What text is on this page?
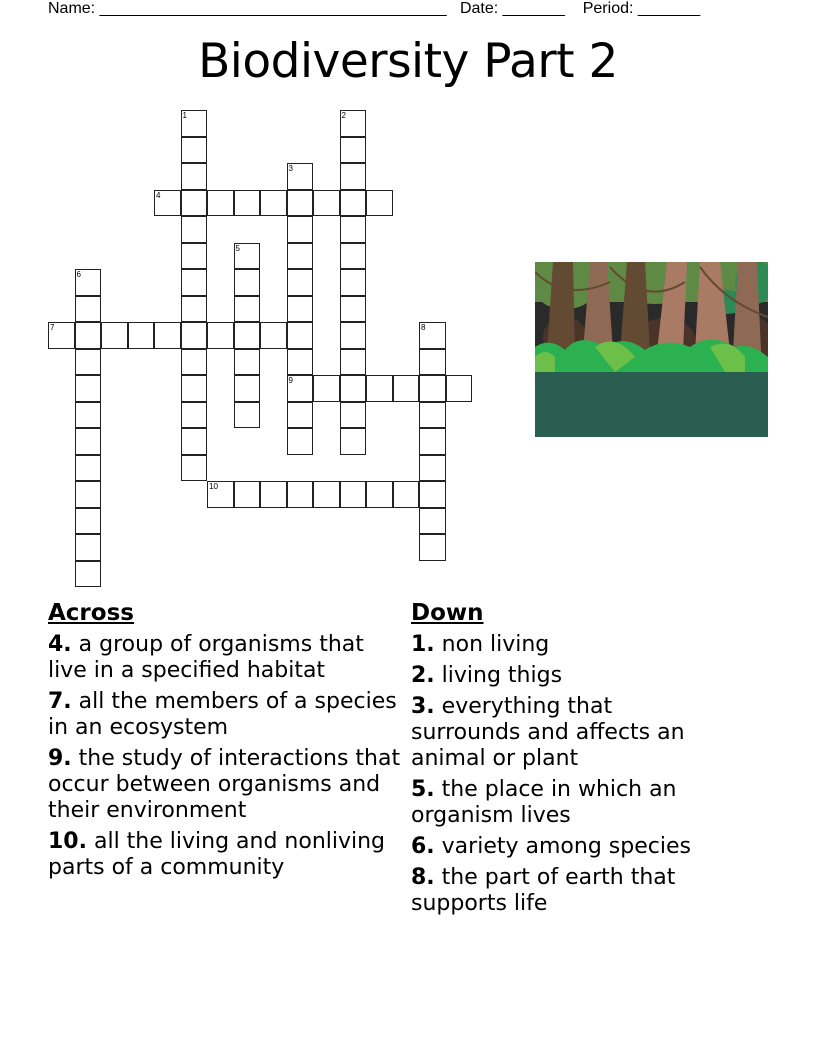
Name: _______________________________________ Date: _______ Period: _______
Biodiversity Part 2
1	2
3
9
4
5
6
7	8
10
Across
4. a group of organisms that live in a specified habitat
7. all the members of a species in an ecosystem
9. the study of interactions that occur between organisms and their environment
10. all the living and nonliving parts of a community
Down
1. non living
2. living thigs
3. everything that surrounds and affects an animal or plant
5. the place in which an organism lives
6. variety among species
8. the part of earth that supports life
